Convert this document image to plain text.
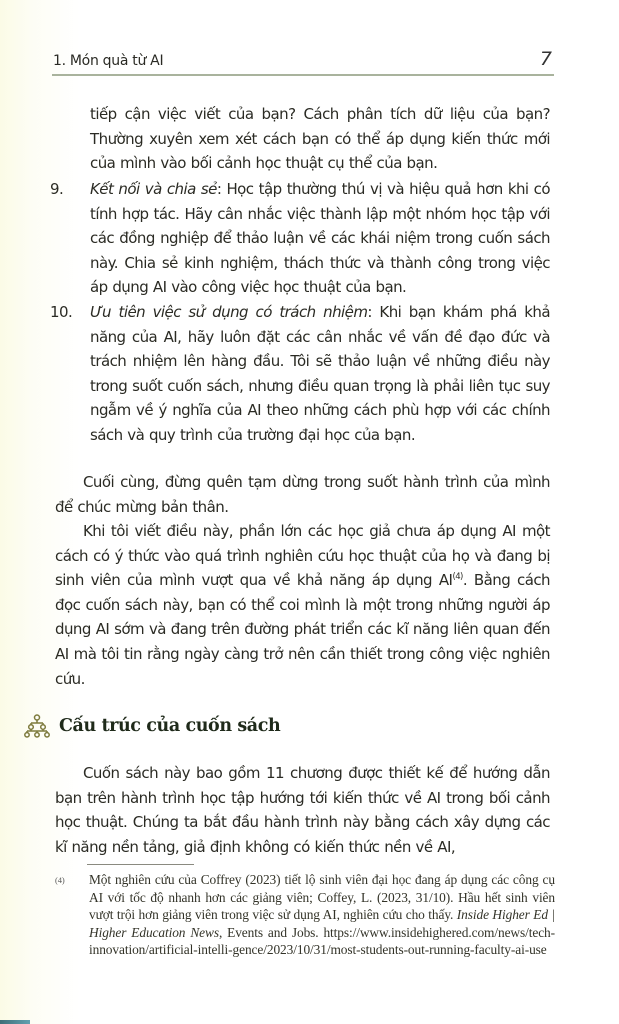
1. Món quà từ AI	7
tiếp cận việc viết của bạn? Cách phân tích dữ liệu của bạn? Thường xuyên xem xét cách bạn có thể áp dụng kiến thức mới của mình vào bối cảnh học thuật cụ thể của bạn.
9. Kết nối và chia sẻ: Học tập thường thú vị và hiệu quả hơn khi có tính hợp tác. Hãy cân nhắc việc thành lập một nhóm học tập với các đồng nghiệp để thảo luận về các khái niệm trong cuốn sách này. Chia sẻ kinh nghiệm, thách thức và thành công trong việc áp dụng AI vào công việc học thuật của bạn.
10. Ưu tiên việc sử dụng có trách nhiệm: Khi bạn khám phá khả năng của AI, hãy luôn đặt các cân nhắc về vấn đề đạo đức và trách nhiệm lên hàng đầu. Tôi sẽ thảo luận về những điều này trong suốt cuốn sách, nhưng điều quan trọng là phải liên tục suy ngẫm về ý nghĩa của AI theo những cách phù hợp với các chính sách và quy trình của trường đại học của bạn.
Cuối cùng, đừng quên tạm dừng trong suốt hành trình của mình để chúc mừng bản thân.
Khi tôi viết điều này, phần lớn các học giả chưa áp dụng AI một cách có ý thức vào quá trình nghiên cứu học thuật của họ và đang bị sinh viên của mình vượt qua về khả năng áp dụng AI$^{(4)}$. Bằng cách đọc cuốn sách này, bạn có thể coi mình là một trong những người áp dụng AI sớm và đang trên đường phát triển các kĩ năng liên quan đến AI mà tôi tin rằng ngày càng trở nên cần thiết trong công việc nghiên cứu.
Cấu trúc của cuốn sách
Cuốn sách này bao gồm 11 chương được thiết kế để hướng dẫn bạn trên hành trình học tập hướng tới kiến thức về AI trong bối cảnh học thuật. Chúng ta bắt đầu hành trình này bằng cách xây dựng các kĩ năng nền tảng, giả định không có kiến thức nền về AI,
(4) Một nghiên cứu của Coffrey (2023) tiết lộ sinh viên đại học đang áp dụng các công cụ AI với tốc độ nhanh hơn các giảng viên; Coffey, L. (2023, 31/10). Hầu hết sinh viên vượt trội hơn giảng viên trong việc sử dụng AI, nghiên cứu cho thấy. Inside Higher Ed | Higher Education News, Events and Jobs. https://www.insidehighered.com/news/tech-innovation/artificial-intelli-gence/2023/10/31/most-students-out-running-faculty-ai-use
